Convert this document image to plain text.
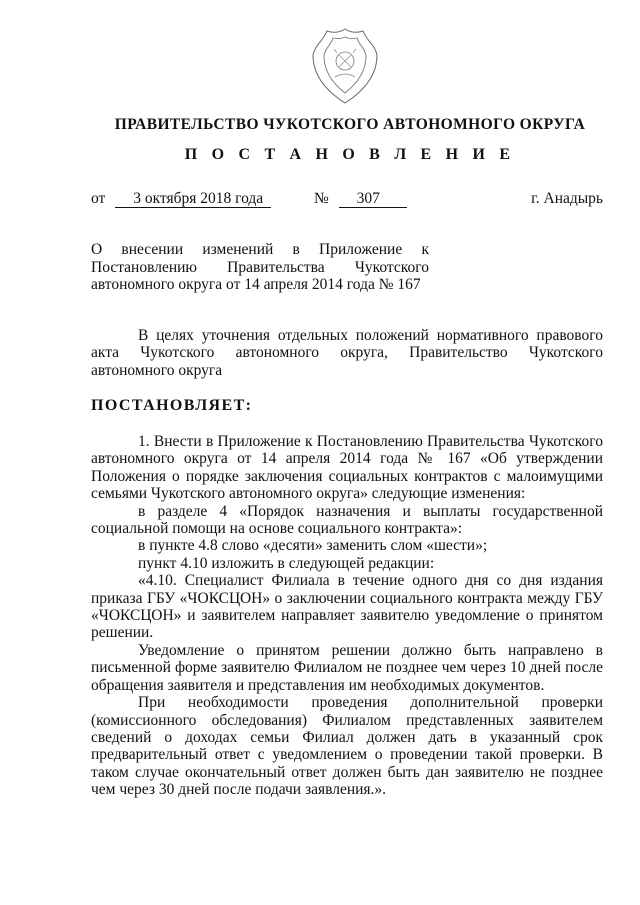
ПРАВИТЕЛЬСТВО ЧУКОТСКОГО АВТОНОМНОГО ОКРУГА
П О С Т А Н О В Л Е Н И Е
от 3 октября 2018 года	№ 307	г. Анадырь
О внесении изменений в Приложение к
Постановлению Правительства Чукотского
автономного округа от 14 апреля 2014 года № 167

В целях уточнения отдельных положений нормативного правового акта Чукотского автономного округа, Правительство Чукотского автономного округа

ПОСТАНОВЛЯЕТ:

1. Внести в Приложение к Постановлению Правительства Чукотского автономного округа от 14 апреля 2014 года № 167 «Об утверждении Положения о порядке заключения социальных контрактов с малоимущими семьями Чукотского автономного округа» следующие изменения:

в разделе 4 «Порядок назначения и выплаты государственной социальной помощи на основе социального контракта»:

в пункте 4.8 слово «десяти» заменить слом «шести»;

пункт 4.10 изложить в следующей редакции:

«4.10. Специалист Филиала в течение одного дня со дня издания приказа ГБУ «ЧОКСЦОН» о заключении социального контракта между ГБУ «ЧОКСЦОН» и заявителем направляет заявителю уведомление о принятом решении.

Уведомление о принятом решении должно быть направлено в письменной форме заявителю Филиалом не позднее чем через 10 дней после обращения заявителя и представления им необходимых документов.

При необходимости проведения дополнительной проверки (комиссионного обследования) Филиалом представленных заявителем сведений о доходах семьи Филиал должен дать в указанный срок предварительный ответ с уведомлением о проведении такой проверки. В таком случае окончательный ответ должен быть дан заявителю не позднее чем через 30 дней после подачи заявления.».
